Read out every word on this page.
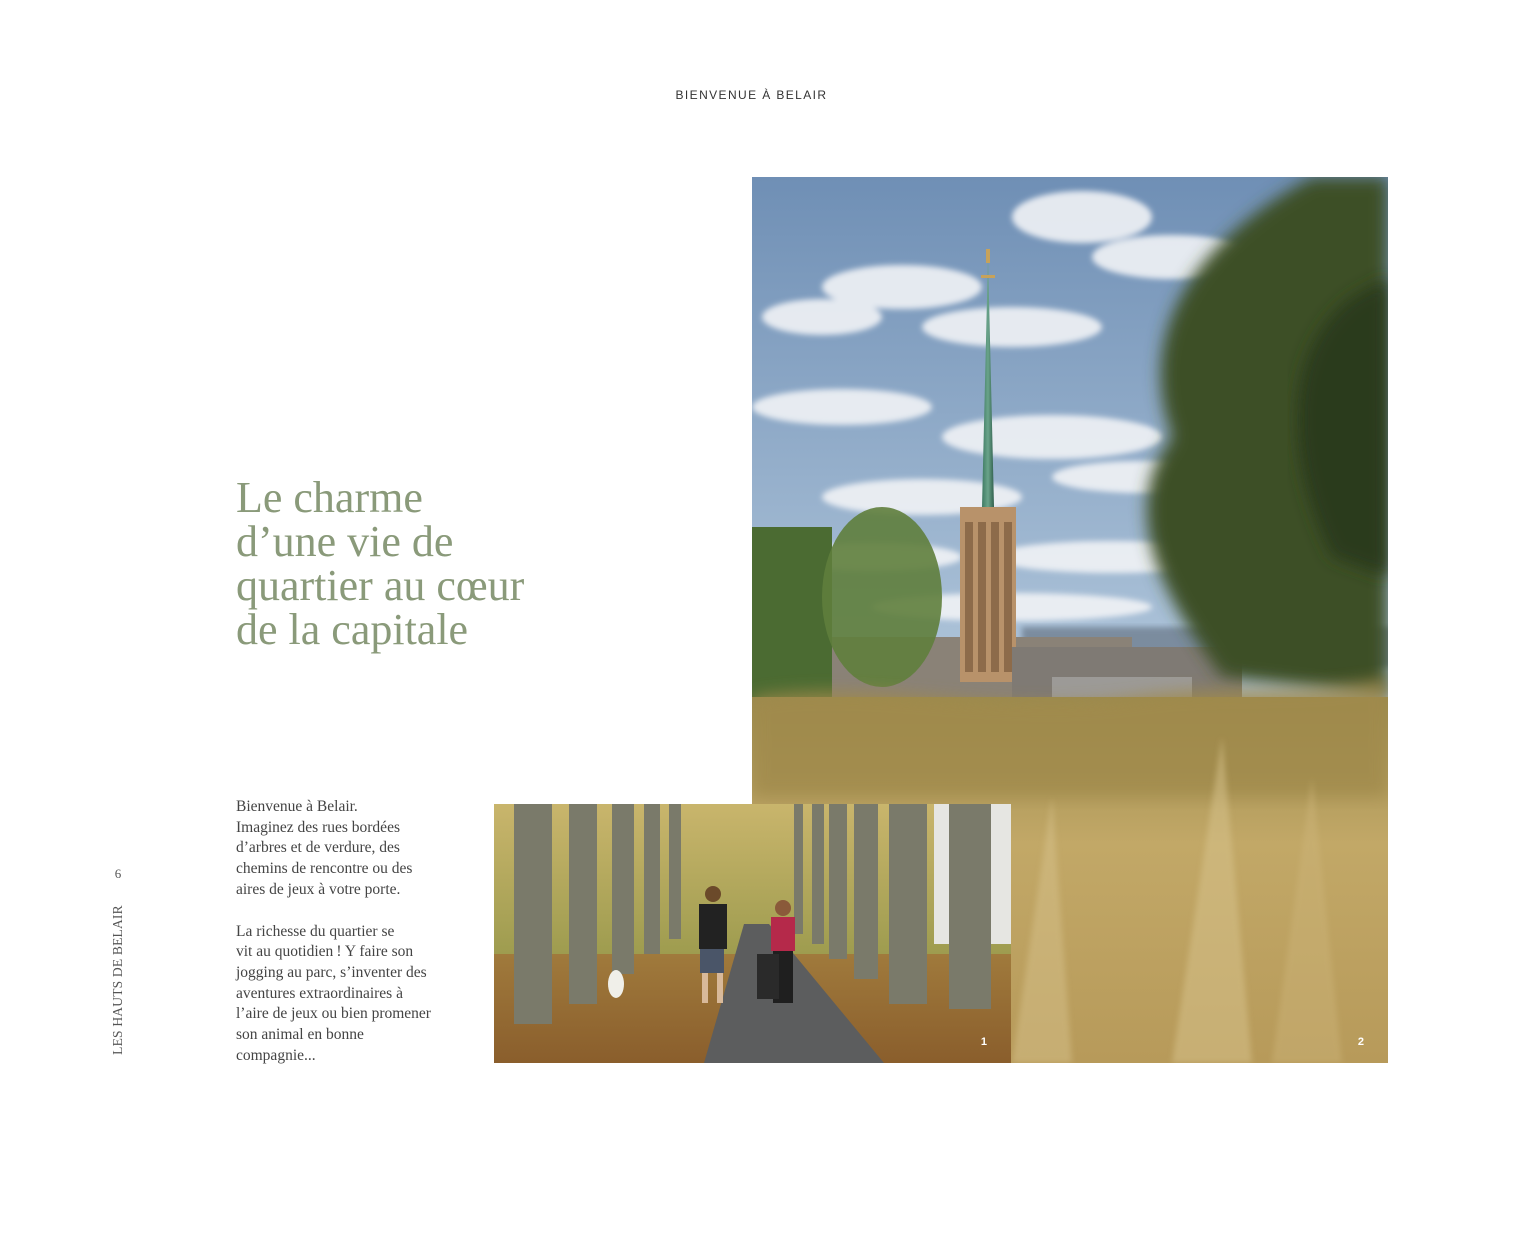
BIENVENUE À BELAIR
Le charme
d’une vie de
quartier au cœur
de la capitale

Bienvenue à Belair.
Imaginez des rues bordées
d’arbres et de verdure, des
chemins de rencontre ou des
aires de jeux à votre porte.

La richesse du quartier se
vit au quotidien ! Y faire son
jogging au parc, s’inventer des
aventures extraordinaires à
l’aire de jeux ou bien promener
son animal en bonne
compagnie...

6
LES HAUTS DE BELAIR	2
1
